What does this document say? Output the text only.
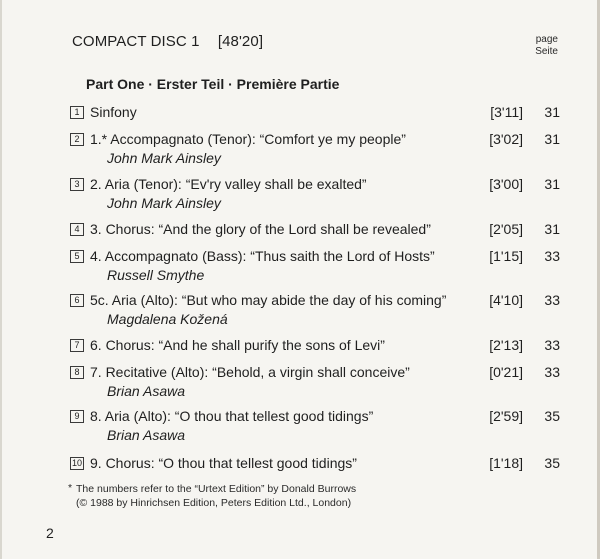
COMPACT DISC 1 [48'20]	page
Seite
Part One · Erster Teil · Première Partie
1 Sinfony	[3'11]	31
2 1.* Accompagnato (Tenor): “Comfort ye my people”
John Mark Ainsley
[3'02]	31
3 2. Aria (Tenor): “Ev'ry valley shall be exalted”
John Mark Ainsley
[3'00]	31
4 3. Chorus: “And the glory of the Lord shall be revealed”	[2'05]	31
5 4. Accompagnato (Bass): “Thus saith the Lord of Hosts”
Russell Smythe
[1'15]	33
6 5c. Aria (Alto): “But who may abide the day of his coming”
Magdalena Kožená
[4'10]	33
7 6. Chorus: “And he shall purify the sons of Levi”	[2'13]	33
8 7. Recitative (Alto): “Behold, a virgin shall conceive”
Brian Asawa
[0'21]	33
9 8. Aria (Alto): “O thou that tellest good tidings”
Brian Asawa
[2'59]	35
10 9. Chorus: “O thou that tellest good tidings”	[1'18]	35
* The numbers refer to the “Urtext Edition” by Donald Burrows
(© 1988 by Hinrichsen Edition, Peters Edition Ltd., London)
2
